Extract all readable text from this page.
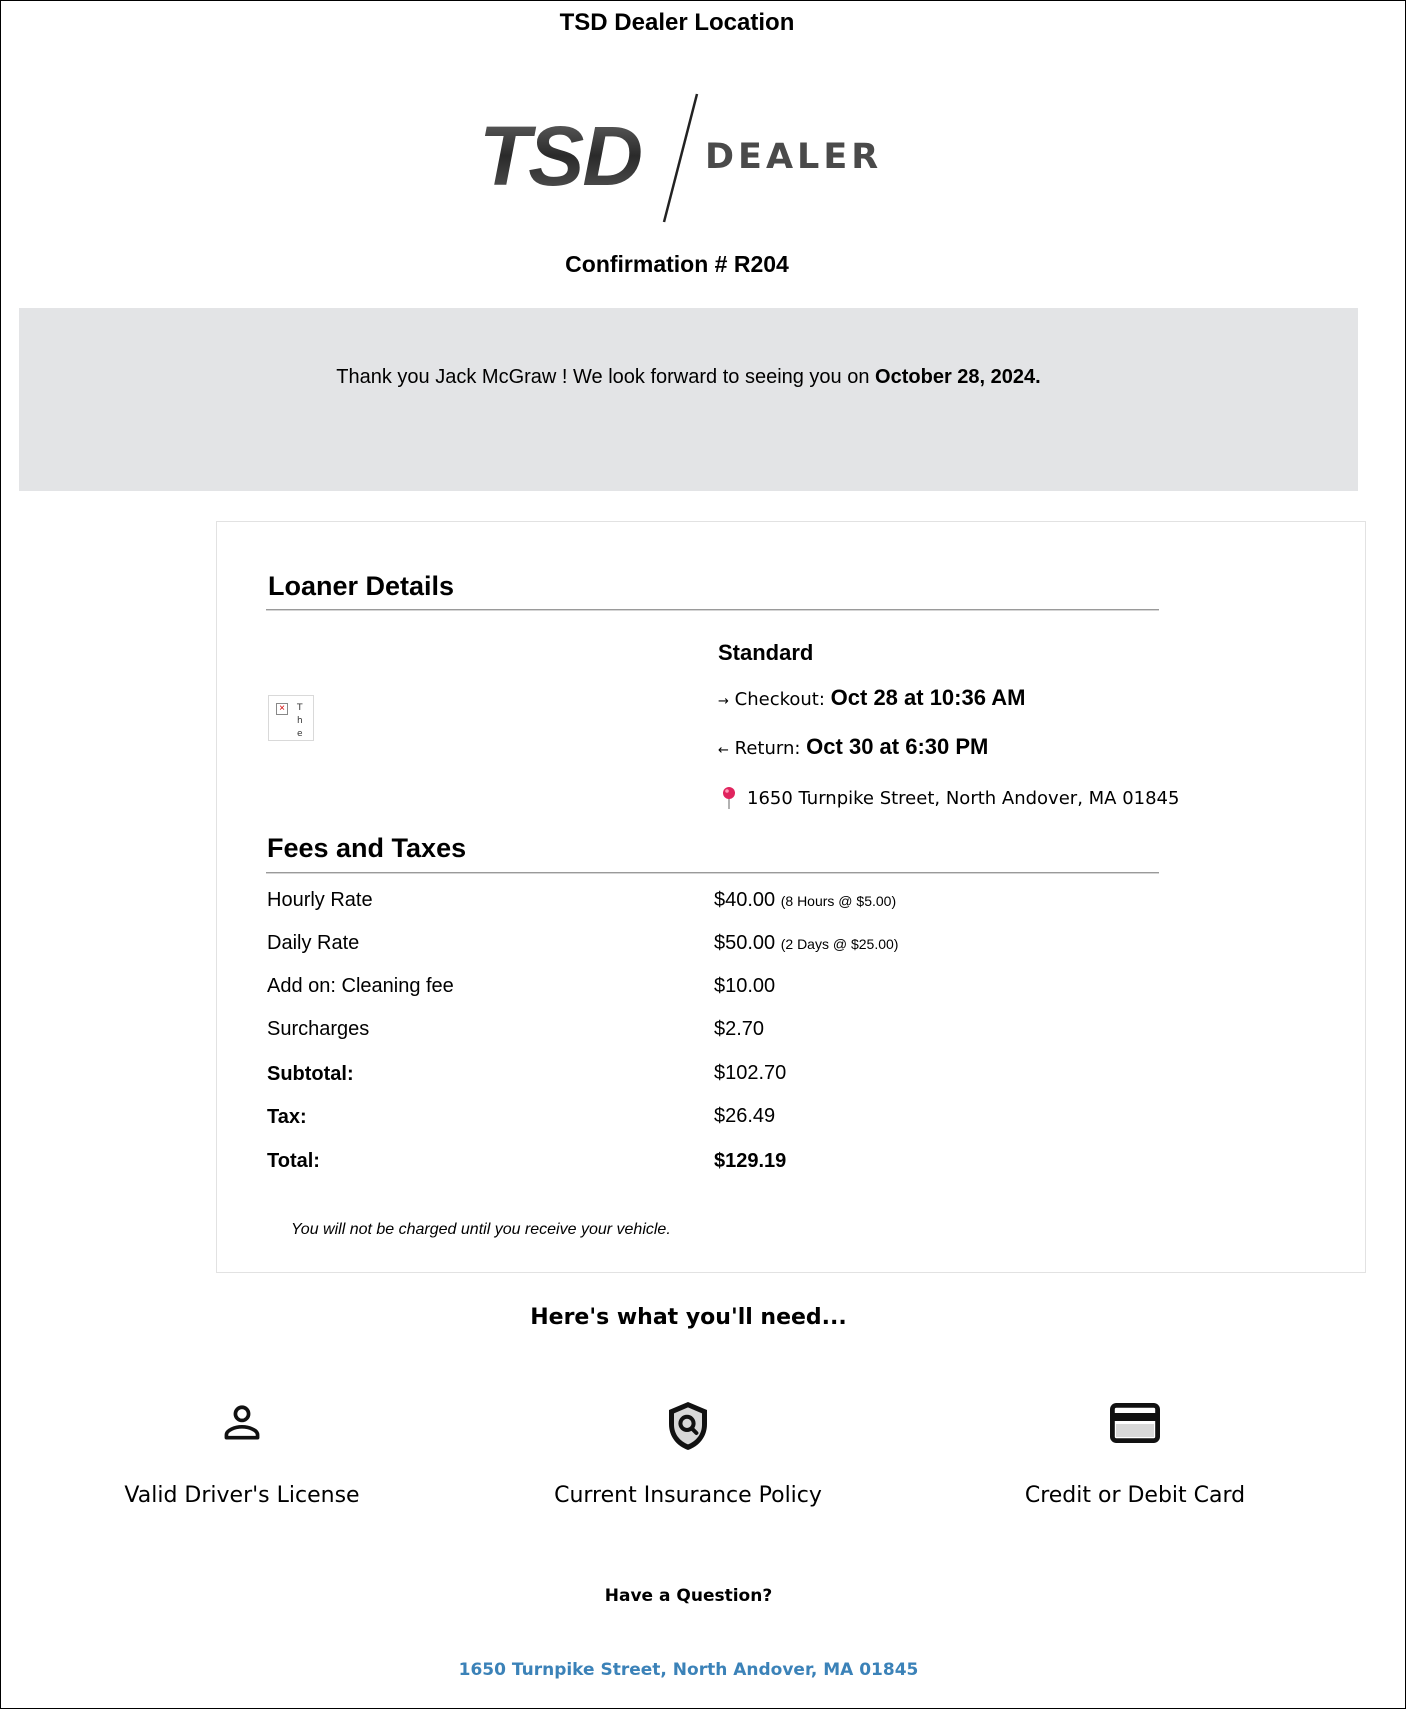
TSD Dealer Location
TSD DEALER
Confirmation # R204
Thank you Jack McGraw ! We look forward to seeing you on October 28, 2024.
Loaner Details
×	T
h
e
Standard
→ Checkout: Oct 28 at 10:36 AM
← Return: Oct 30 at 6:30 PM
1650 Turnpike Street, North Andover, MA 01845
Fees and Taxes
Hourly Rate	$40.00 (8 Hours @ $5.00)
Daily Rate	$50.00 (2 Days @ $25.00)
Add on: Cleaning fee	$10.00
Surcharges	$2.70
Subtotal:	$102.70
Tax:	$26.49
Total:	$129.19
You will not be charged until you receive your vehicle.
Here's what you'll need...
Valid Driver's License	Current Insurance Policy	Credit or Debit Card
Have a Question?
1650 Turnpike Street, North Andover, MA 01845
